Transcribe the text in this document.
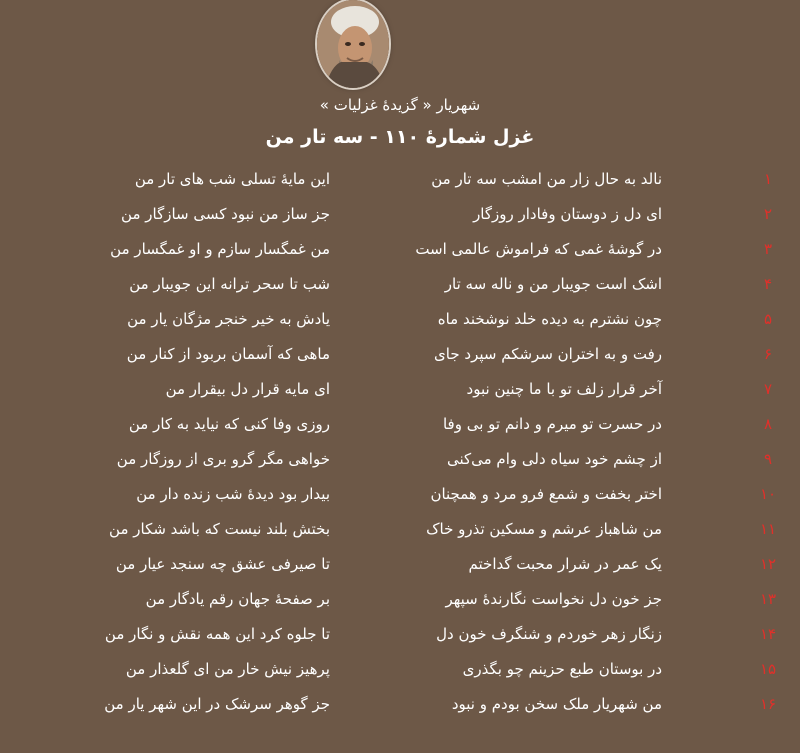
شهریار « گزیدهٔ غزلیات »
غزل شمارهٔ ۱۱۰ - سه تار من
۱
نالد به حال زار من امشب سه تار من
این مایهٔ تسلی شب های تار من
۲
ای دل ز دوستان وفادار روزگار
جز ساز من نبود کسی سازگار من
۳
در گوشهٔ غمی که فراموش عالمی است
من غمگسار سازم و او غمگسار من
۴
اشک است جویبار من و ناله سه تار
شب تا سحر ترانه این جویبار من
۵
چون نشترم به دیده خلد نوشخند ماه
یادش به خیر خنجر مژگان یار من
۶
رفت و به اختران سرشکم سپرد جای
ماهی که آسمان بربود از کنار من
۷
آخر قرار زلف تو با ما چنین نبود
ای مایه قرار دل بیقرار من
۸
در حسرت تو میرم و دانم تو بی وفا
روزی وفا کنی که نیاید به کار من
۹
از چشم خود سیاه دلی وام می‌کنی
خواهی مگر گرو بری از روزگار من
۱۰
اختر بخفت و شمع فرو مرد و همچنان
بیدار بود دیدهٔ شب زنده دار من
۱۱
من شاهباز عرشم و مسکین تذرو خاک
بختش بلند نیست که باشد شکار من
۱۲
یک عمر در شرار محبت گداختم
تا صیرفی عشق چه سنجد عیار من
۱۳
جز خون دل نخواست نگارندهٔ سپهر
بر صفحهٔ جهان رقم یادگار من
۱۴
زنگار زهر خوردم و شنگرف خون دل
تا جلوه کرد این همه نقش و نگار من
۱۵
در بوستان طبع حزینم چو بگذری
پرهیز نیش خار من ای گلعذار من
۱۶
من شهریار ملک سخن بودم و نبود
جز گوهر سرشک در این شهر یار من
